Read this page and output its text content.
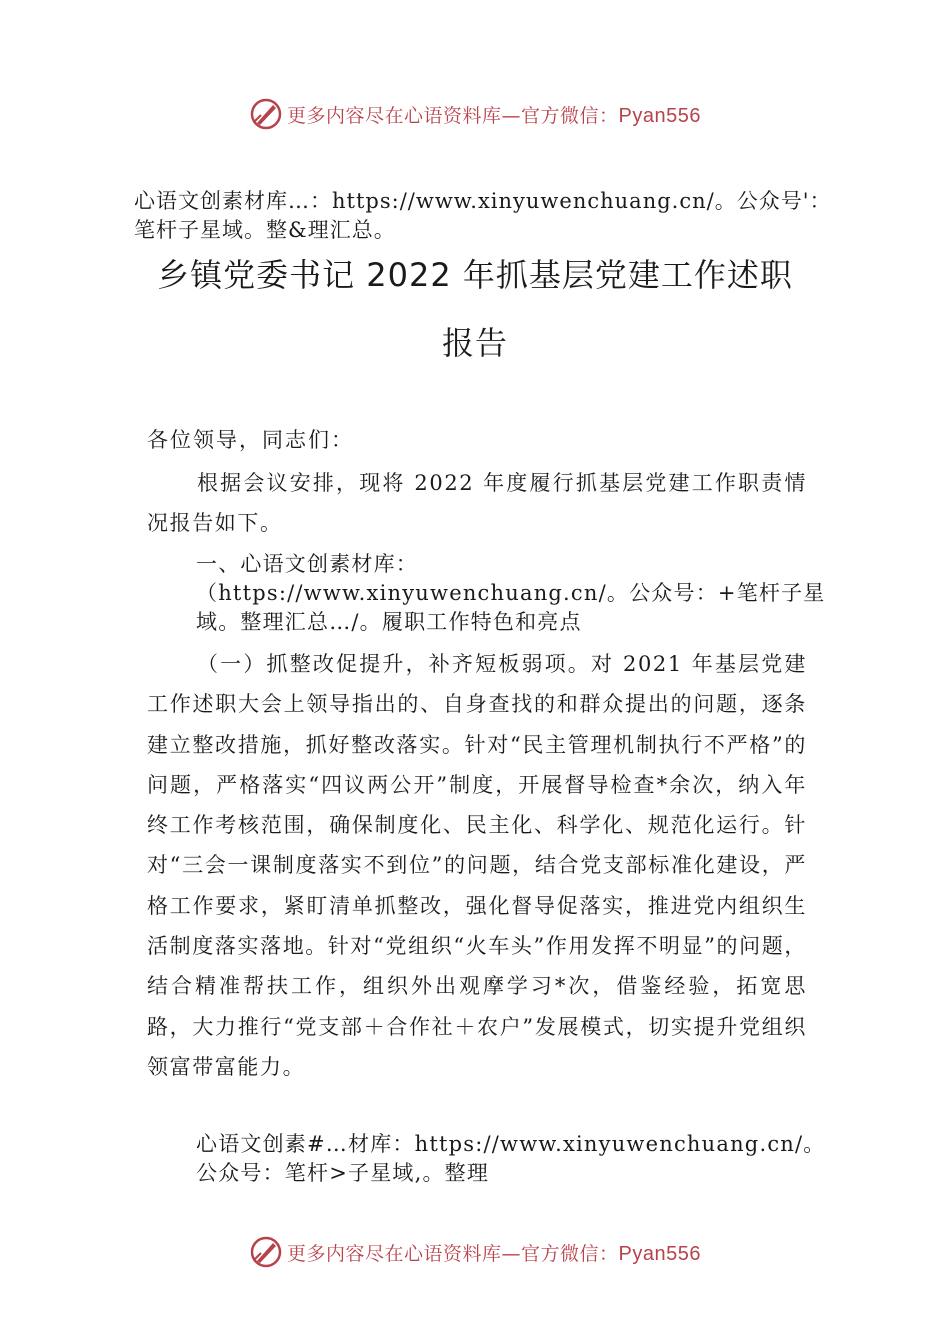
更多内容尽在心语资料库—官方微信：Pyan556
心语文创素材库…：https://www.xinyuwenchuang.cn/。公众号'：笔杆子星域。整&理汇总。
乡镇党委书记 2022 年抓基层党建工作述职
报告
各位领导，同志们：
根据会议安排，现将 2022 年度履行抓基层党建工作职责情况报告如下。
一、心语文创素材库：（https://www.xinyuwenchuang.cn/。公众号：+笔杆子星域。整理汇总…/。履职工作特色和亮点
（一）抓整改促提升，补齐短板弱项。对 2021 年基层党建工作述职大会上领导指出的、自身查找的和群众提出的问题，逐条建立整改措施，抓好整改落实。针对“民主管理机制执行不严格”的问题，严格落实“四议两公开”制度，开展督导检查*余次，纳入年终工作考核范围，确保制度化、民主化、科学化、规范化运行。针对“三会一课制度落实不到位”的问题，结合党支部标准化建设，严格工作要求，紧盯清单抓整改，强化督导促落实，推进党内组织生活制度落实落地。针对“党组织“火车头”作用发挥不明显”的问题， 结合精准帮扶工作，组织外出观摩学习*次，借鉴经验，拓宽思路，大力推行“党支部＋合作社＋农户”发展模式，切实提升党组织领富带富能力。
心语文创素#…材库：https://www.xinyuwenchuang.cn/。公众号：笔杆>子星域,。整理
更多内容尽在心语资料库—官方微信：Pyan556
